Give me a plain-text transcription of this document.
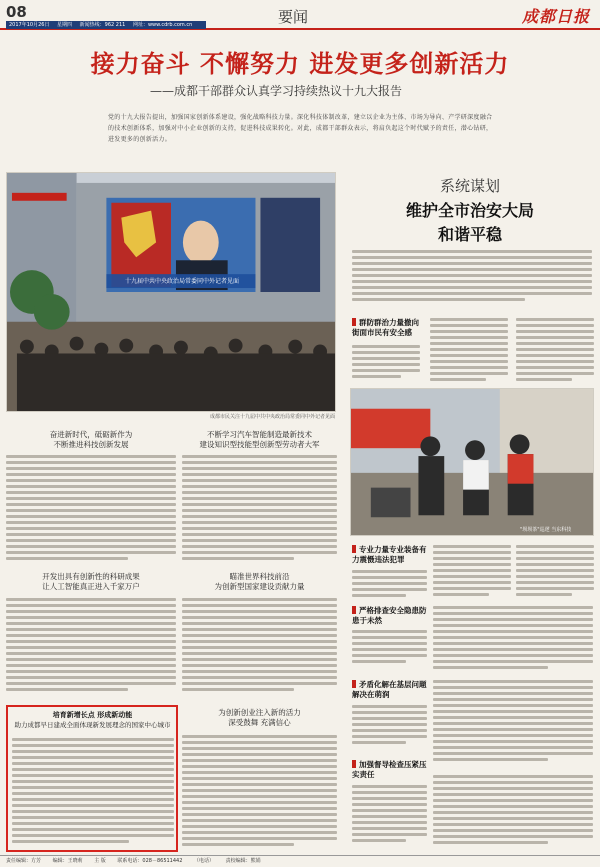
08
2017年10月26日 星期四 新闻热线：962 211 网址：www.cdrb.com.cn	要闻	成都日报
接力奋斗 不懈努力 进发更多创新活力
——成都干部群众认真学习持续热议十九大报告
党的十九大报告提出，加强国家创新体系建设，强化战略科技力量。深化科技体制改革，建立以企业为主体、市场为导向、产学研深度融合的技术创新体系，加强对中小企业创新的支持，促进科技成果转化。对此，成都干部群众表示，将肩负起这个时代赋予的责任，潜心钻研，进发更多的创新活力。
十九届中共中央政治局常委同中外记者见面
成都市民关注十九届中共中央政治局常委同中外记者见面
系统谋划
维护全市治安大局
和谐平稳
群防群治力量撤向街面市民有安全感
"坝坝茶"巡逻 当东科技
专业力量专业装备有力震慑违法犯罪
严格排查安全隐患防患于未然
矛盾化解在基层问题解决在萌润
加强督导检查压紧压实责任
奋进新时代，砥砺新作为
不断推进科技创新发展
不断学习汽车智能制造最新技术
建设知识型技能型创新型劳动者大军
开发出具有创新性的科研成果
让人工智能真正进入千家万户
瞄准世界科技前沿
为创新型国家建设贡献力量
培育新增长点 形成新动能
助力成都早日建成全面体现新发展理念的国家中心城市
为创新创业注入新的活力
深受鼓舞 充满信心
责任编辑：方芳 编辑：王晓莉 主 版 联系电话：028－86511442 （电话） 责校编辑：熊娟
